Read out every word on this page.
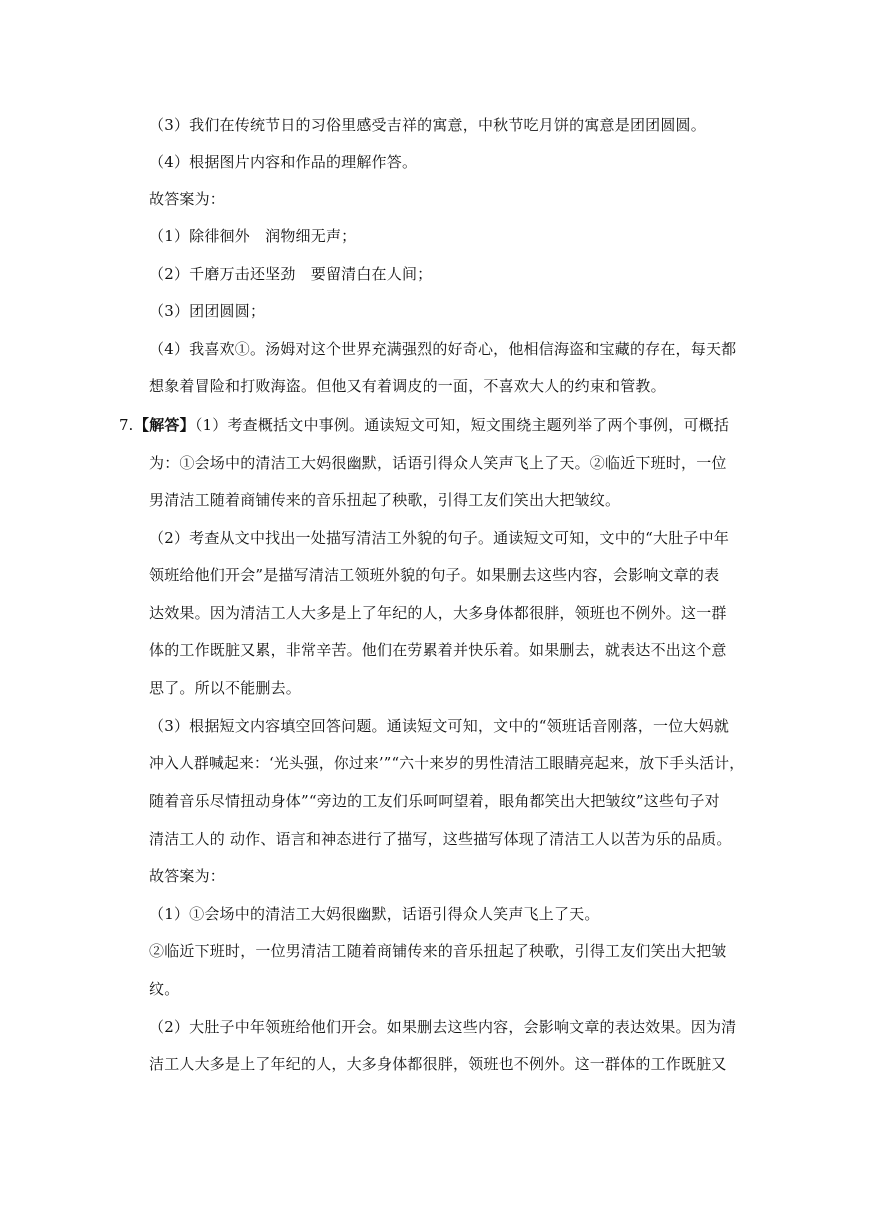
（3）我们在传统节日的习俗里感受吉祥的寓意，中秋节吃月饼的寓意是团团圆圆。
（4）根据图片内容和作品的理解作答。
故答案为：
（1）除徘徊外　润物细无声；
（2）千磨万击还坚劲　要留清白在人间；
（3）团团圆圆；
（4）我喜欢①。汤姆对这个世界充满强烈的好奇心，他相信海盗和宝藏的存在，每天都
想象着冒险和打败海盗。但他又有着调皮的一面，不喜欢大人的约束和管教。
7. 【解答】（1）考查概括文中事例。通读短文可知，短文围绕主题列举了两个事例，可概括
为：①会场中的清洁工大妈很幽默，话语引得众人笑声飞上了天。②临近下班时，一位
男清洁工随着商铺传来的音乐扭起了秧歌，引得工友们笑出大把皱纹。
（2）考查从文中找出一处描写清洁工外貌的句子。通读短文可知，文中的“大肚子中年
领班给他们开会”是描写清洁工领班外貌的句子。如果删去这些内容，会影响文章的表
达效果。因为清洁工人大多是上了年纪的人，大多身体都很胖，领班也不例外。这一群
体的工作既脏又累，非常辛苦。他们在劳累着并快乐着。如果删去，就表达不出这个意
思了。所以不能删去。
（3）根据短文内容填空回答问题。通读短文可知，文中的“领班话音刚落，一位大妈就
冲入人群喊起来：‘光头强，你过来’”“六十来岁的男性清洁工眼睛亮起来，放下手头活计，
随着音乐尽情扭动身体”“旁边的工友们乐呵呵望着，眼角都笑出大把皱纹”这些句子对
清洁工人的 动作、语言和神态进行了描写，这些描写体现了清洁工人以苦为乐的品质。
故答案为：
（1）①会场中的清洁工大妈很幽默，话语引得众人笑声飞上了天。
②临近下班时，一位男清洁工随着商铺传来的音乐扭起了秧歌，引得工友们笑出大把皱
纹。
（2）大肚子中年领班给他们开会。如果删去这些内容，会影响文章的表达效果。因为清
洁工人大多是上了年纪的人，大多身体都很胖，领班也不例外。这一群体的工作既脏又
